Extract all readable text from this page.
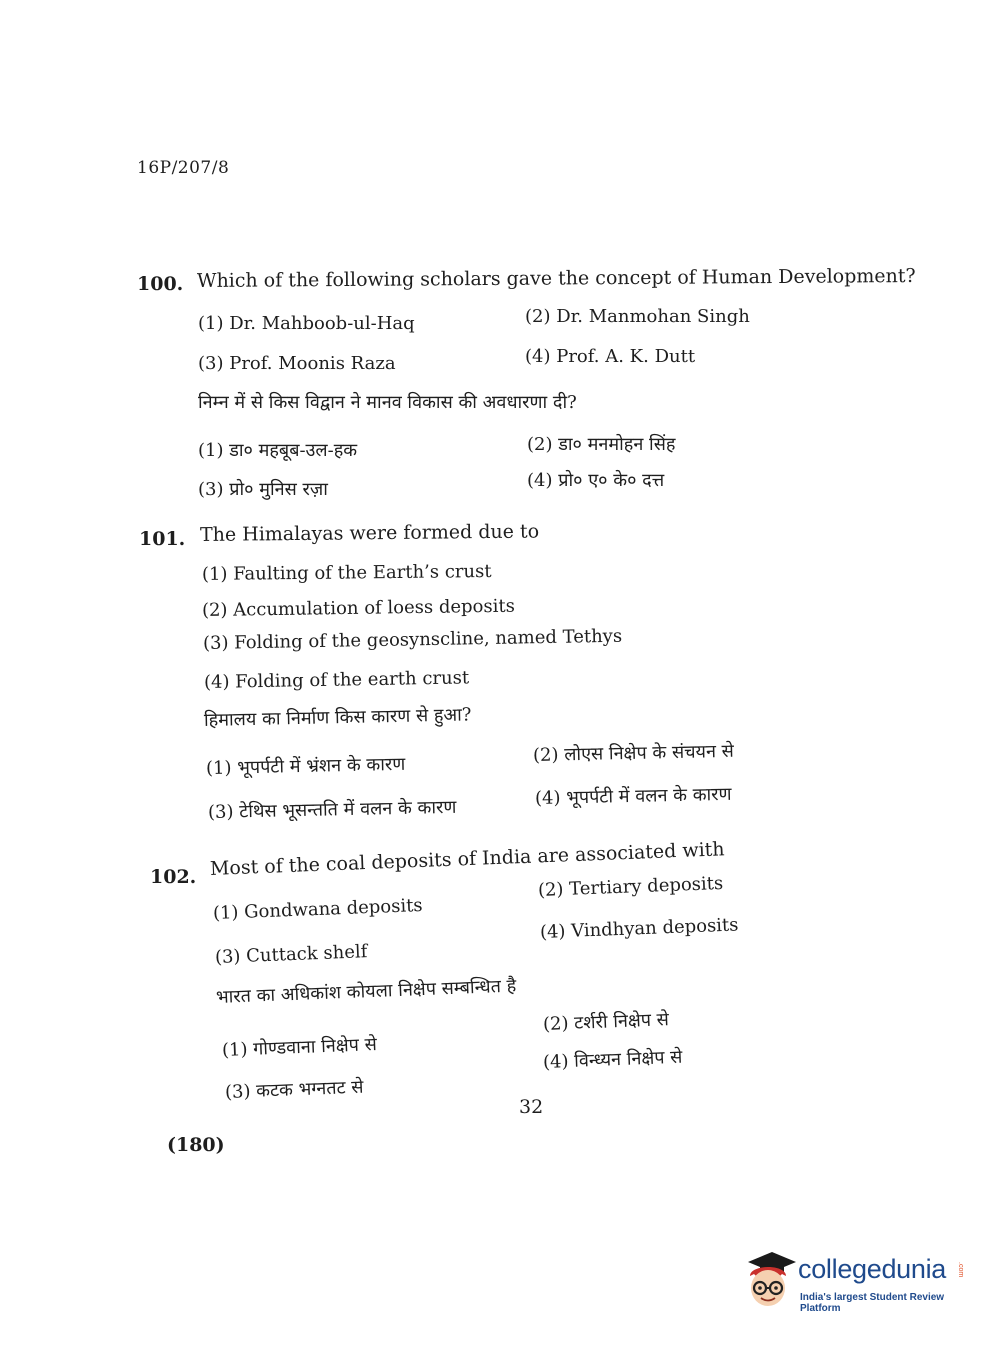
16P/207/8
100. Which of the following scholars gave the concept of Human Development?
(1) Dr. Mahboob-ul-Haq	(2) Dr. Manmohan Singh
(3) Prof. Moonis Raza	(4) Prof. A. K. Dutt
निम्न में से किस विद्वान ने मानव विकास की अवधारणा दी?
(1) डा० महबूब-उल-हक	(2) डा० मनमोहन सिंह
(3) प्रो० मुनिस रज़ा	(4) प्रो० ए० के० दत्त
101. The Himalayas were formed due to
(1) Faulting of the Earth’s crust
(2) Accumulation of loess deposits
(3) Folding of the geosynscline, named Tethys
(4) Folding of the earth crust
हिमालय का निर्माण किस कारण से हुआ?
(1) भूपर्पटी में भ्रंशन के कारण
(2) लोएस निक्षेप के संचयन से
(3) टेथिस भूसन्तति में वलन के कारण
(4) भूपर्पटी में वलन के कारण
102. Most of the coal deposits of India are associated with
(1) Gondwana deposits
(2) Tertiary deposits
(3) Cuttack shelf
(4) Vindhyan deposits
भारत का अधिकांश कोयला निक्षेप सम्बन्धित है
(1) गोण्डवाना निक्षेप से
(2) टर्शरी निक्षेप से
(3) कटक भग्नतट से
(4) विन्ध्यन निक्षेप से
32
(180)
collegedunia .com
India's largest Student Review Platform
